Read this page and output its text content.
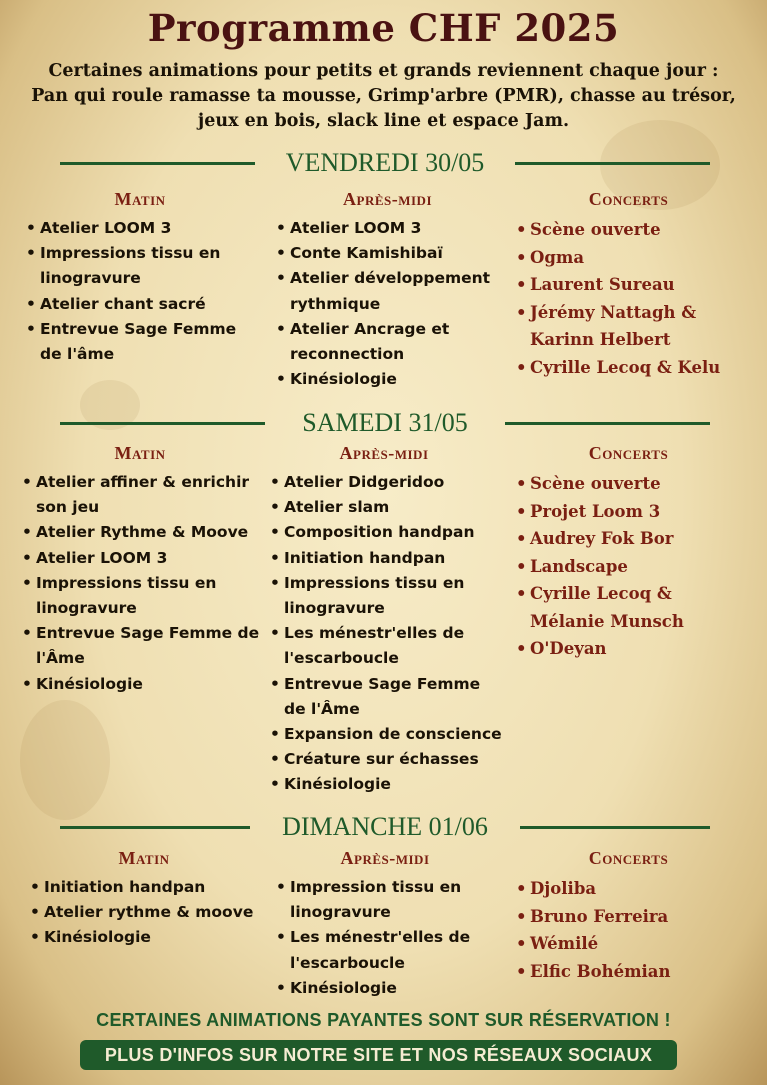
Programme CHF 2025

Certaines animations pour petits et grands reviennent chaque jour :
Pan qui roule ramasse ta mousse, Grimp'arbre (PMR), chasse au trésor,
jeux en bois, slack line et espace Jam.

VENDREDI 30/05
Matin
• Atelier LOOM 3
• Impressions tissu en linogravure
• Atelier chant sacré
• Entrevue Sage Femme de l'âme
Après-midi
• Atelier LOOM 3
• Conte Kamishibaï
• Atelier développement rythmique
• Atelier Ancrage et reconnection
• Kinésiologie
Concerts
• Scène ouverte
• Ogma
• Laurent Sureau
• Jérémy Nattagh & Karinn Helbert
• Cyrille Lecoq & Kelu
SAMEDI 31/05
Matin
• Atelier affiner & enrichir son jeu
• Atelier Rythme & Moove
• Atelier LOOM 3
• Impressions tissu en linogravure
• Entrevue Sage Femme de l'Âme
• Kinésiologie
Après-midi
• Atelier Didgeridoo
• Atelier slam
• Composition handpan
• Initiation handpan
• Impressions tissu en linogravure
• Les ménestr'elles de l'escarboucle
• Entrevue Sage Femme de l'Âme
• Expansion de conscience
• Créature sur échasses
• Kinésiologie
Concerts
• Scène ouverte
• Projet Loom 3
• Audrey Fok Bor
• Landscape
• Cyrille Lecoq & Mélanie Munsch
• O'Deyan
DIMANCHE 01/06
Matin
• Initiation handpan
• Atelier rythme & moove
• Kinésiologie
Après-midi
• Impression tissu en linogravure
• Les ménestr'elles de l'escarboucle
• Kinésiologie
Concerts
• Djoliba
• Bruno Ferreira
• Wémilé
• Elfic Bohémian
CERTAINES ANIMATIONS PAYANTES SONT SUR RÉSERVATION !
PLUS D'INFOS SUR NOTRE SITE ET NOS RÉSEAUX SOCIAUX
